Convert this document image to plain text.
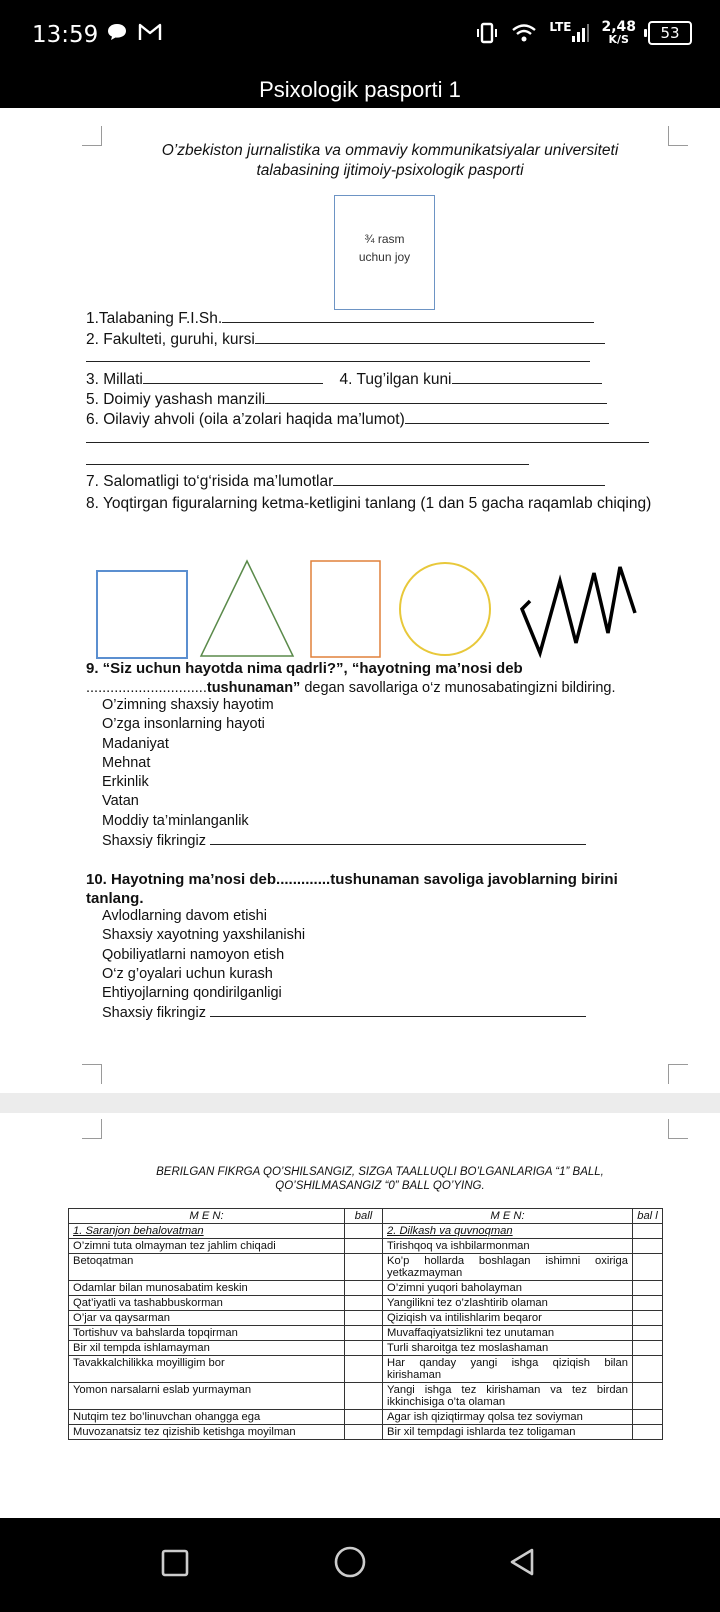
13:59	LTE 2,48
K/S	53
Psixologik pasporti 1
O’zbekiston jurnalistika va ommaviy kommunikatsiyalar universiteti
talabasining ijtimoiy-psixologik pasporti
¾ rasm
uchun joy
1.Talabaning F.I.Sh.
2. Fakulteti, guruhi, kursi
3. Millati	4. Tug’ilgan kuni
5. Doimiy yashash manzili
6. Oilaviy ahvoli (oila a’zolari haqida ma’lumot)
7. Salomatligi to‘g‘risida ma’lumotlar
8. Yoqtirgan figuralarning ketma-ketligini tanlang (1 dan 5 gacha raqamlab chiqing)
9. “Siz uchun hayotda nima qadrli?”, “hayotning ma’nosi deb
..............................tushunaman” degan savollariga o‘z munosabatingizni bildiring.
O’zimning shaxsiy hayotim
O’zga insonlarning hayoti
Madaniyat
Mehnat
Erkinlik
Vatan
Moddiy ta’minlanganlik
Shaxsiy fikringiz
10. Hayotning ma’nosi deb.............tushunaman savoliga javoblarning birini
tanlang.
Avlodlarning davom etishi
Shaxsiy xayotning yaxshilanishi
Qobiliyatlarni namoyon etish
O‘z g’oyalari uchun kurash
Ehtiyojlarning qondirilganligi
Shaxsiy fikringiz
BERILGAN FIKRGA QO’SHILSANGIZ, SIZGA TAALLUQLI BO’LGANLARIGA “1” BALL,
QO’SHILMASANGIZ “0” BALL QO’YING.
M E N:	ball	M E N:	bal l
1. Saranjon behalovatman		2. Dilkash va quvnoqman	
O’zimni tuta olmayman tez jahlim chiqadi		Tirishqoq va ishbilarmonman	
Betoqatman		Ko’p hollarda boshlagan ishimni oxiriga yetkazmayman	
Odamlar bilan munosabatim keskin		O’zimni yuqori baholayman	
Qat’iyatli va tashabbuskorman		Yangilikni tez o’zlashtirib olaman	
O’jar va qaysarman		Qiziqish va intilishlarim beqaror	
Tortishuv va bahslarda topqirman		Muvaffaqiyatsizlikni tez unutaman	
Bir xil tempda ishlamayman		Turli sharoitga tez moslashaman	
Tavakkalchilikka moyilligim bor		Har qanday yangi ishga qiziqish bilan kirishaman	
Yomon narsalarni eslab yurmayman		Yangi ishga tez kirishaman va tez birdan ikkinchisiga o’ta olaman	
Nutqim tez bo’linuvchan ohangga ega		Agar ish qiziqtirmay qolsa tez soviyman	
Muvozanatsiz tez qizishib ketishga moyilman		Bir xil tempdagi ishlarda tez toligaman	
